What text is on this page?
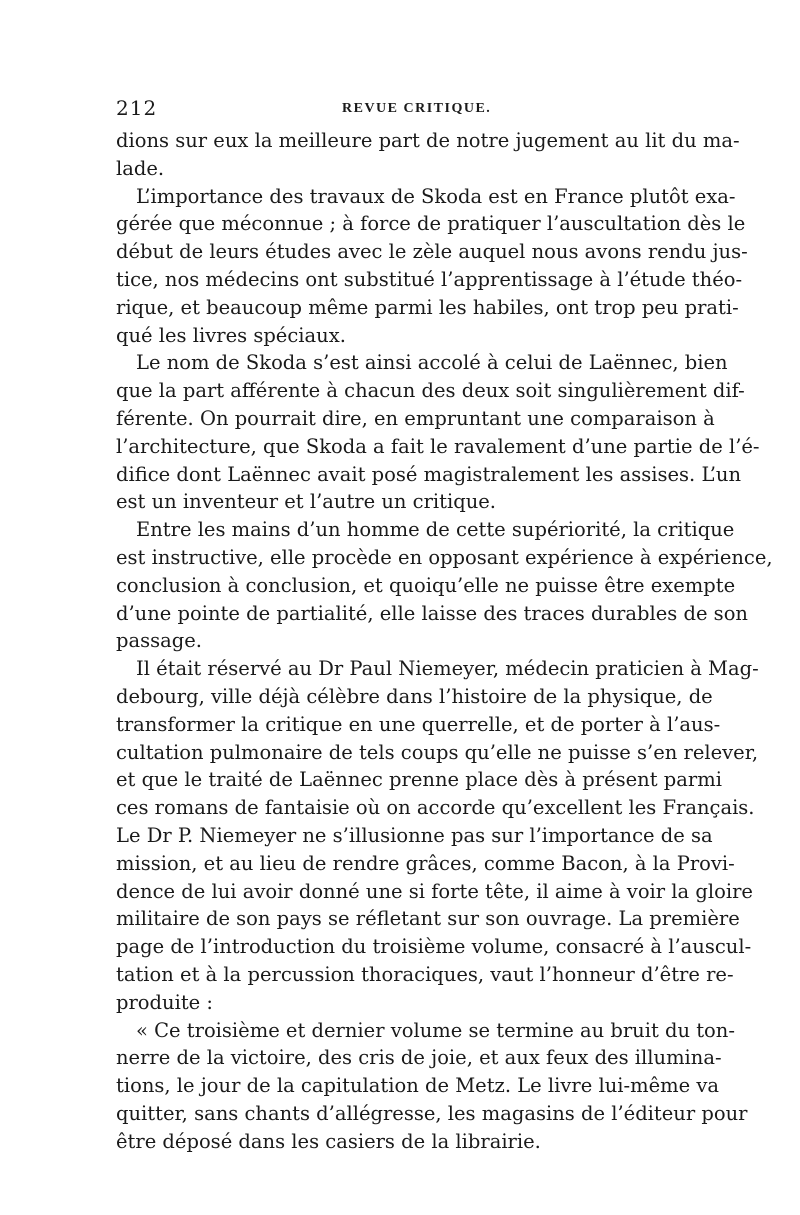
212	REVUE CRITIQUE.
dions sur eux la meilleure part de notre jugement au lit du ma-
lade.
L’importance des travaux de Skoda est en France plutôt exa-
gérée que méconnue ; à force de pratiquer l’auscultation dès le
début de leurs études avec le zèle auquel nous avons rendu jus-
tice, nos médecins ont substitué l’apprentissage à l’étude théo-
rique, et beaucoup même parmi les habiles, ont trop peu prati-
qué les livres spéciaux.
Le nom de Skoda s’est ainsi accolé à celui de Laënnec, bien
que la part afférente à chacun des deux soit singulièrement dif-
férente. On pourrait dire, en empruntant une comparaison à
l’architecture, que Skoda a fait le ravalement d’une partie de l’é-
difice dont Laënnec avait posé magistralement les assises. L’un
est un inventeur et l’autre un critique.
Entre les mains d’un homme de cette supériorité, la critique
est instructive, elle procède en opposant expérience à expérience,
conclusion à conclusion, et quoiqu’elle ne puisse être exempte
d’une pointe de partialité, elle laisse des traces durables de son
passage.
Il était réservé au Dr Paul Niemeyer, médecin praticien à Mag-
debourg, ville déjà célèbre dans l’histoire de la physique, de
transformer la critique en une querrelle, et de porter à l’aus-
cultation pulmonaire de tels coups qu’elle ne puisse s’en relever,
et que le traité de Laënnec prenne place dès à présent parmi
ces romans de fantaisie où on accorde qu’excellent les Français.
Le Dr P. Niemeyer ne s’illusionne pas sur l’importance de sa
mission, et au lieu de rendre grâces, comme Bacon, à la Provi-
dence de lui avoir donné une si forte tête, il aime à voir la gloire
militaire de son pays se réfletant sur son ouvrage. La première
page de l’introduction du troisième volume, consacré à l’auscul-
tation et à la percussion thoraciques, vaut l’honneur d’être re-
produite :
« Ce troisième et dernier volume se termine au bruit du ton-
nerre de la victoire, des cris de joie, et aux feux des illumina-
tions, le jour de la capitulation de Metz. Le livre lui-même va
quitter, sans chants d’allégresse, les magasins de l’éditeur pour
être déposé dans les casiers de la librairie.
